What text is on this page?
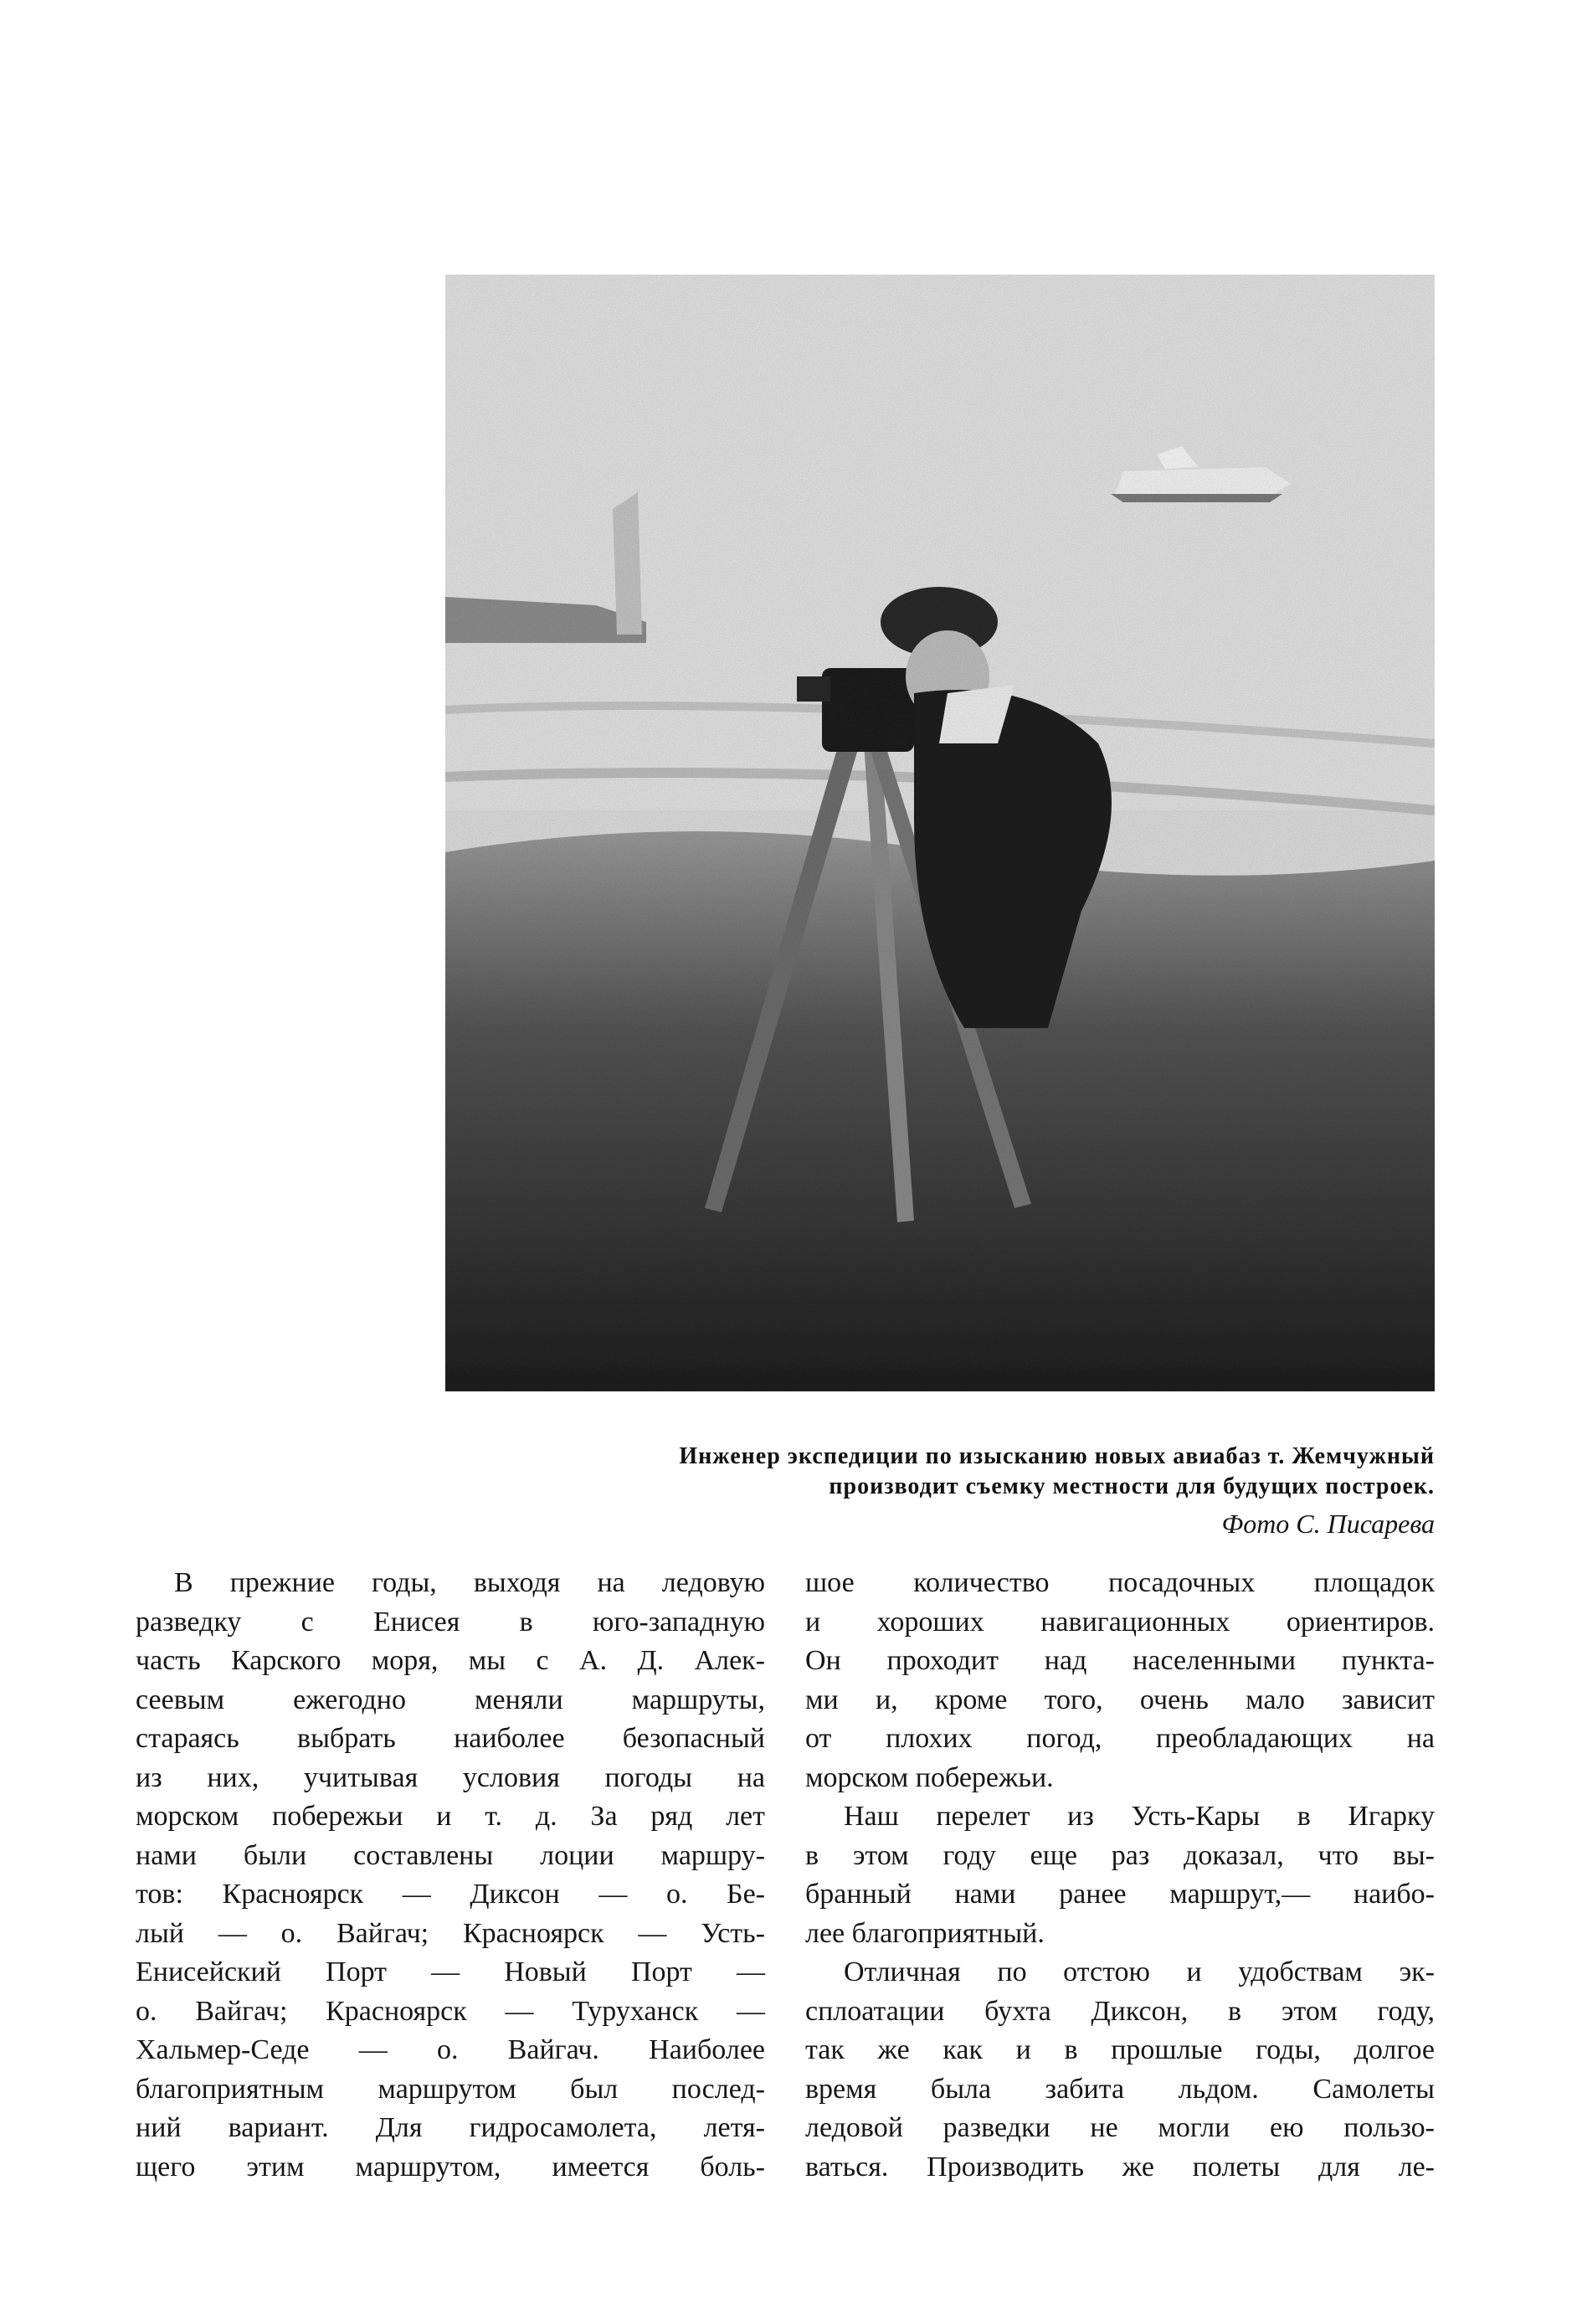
Инженер экспедиции по изысканию новых авиабаз т. Жемчужный
производит съемку местности для будущих построек.
Фото С. Писарева
В прежние годы, выходя на ледовую
разведку с Енисея в юго-западную
часть Карского моря, мы с А. Д. Алек-
сеевым ежегодно меняли маршруты,
стараясь выбрать наиболее безопасный
из них, учитывая условия погоды на
морском побережьи и т. д. За ряд лет
нами были составлены лоции маршру-
тов: Красноярск — Диксон — о. Бе-
лый — о. Вайгач; Красноярск — Усть-
Енисейский Порт — Новый Порт —
о. Вайгач; Красноярск — Туруханск —
Хальмер-Седе — о. Вайгач. Наиболее
благоприятным маршрутом был послед-
ний вариант. Для гидросамолета, летя-
щего этим маршрутом, имеется боль-
шое количество посадочных площадок
и хороших навигационных ориентиров.
Он проходит над населенными пункта-
ми и, кроме того, очень мало зависит
от плохих погод, преобладающих на
морском побережьи.
Наш перелет из Усть-Кары в Игарку
в этом году еще раз доказал, что вы-
бранный нами ранее маршрут,— наибо-
лее благоприятный.
Отличная по отстою и удобствам эк-
сплоатации бухта Диксон, в этом году,
так же как и в прошлые годы, долгое
время была забита льдом. Самолеты
ледовой разведки не могли ею пользо-
ваться. Производить же полеты для ле-
